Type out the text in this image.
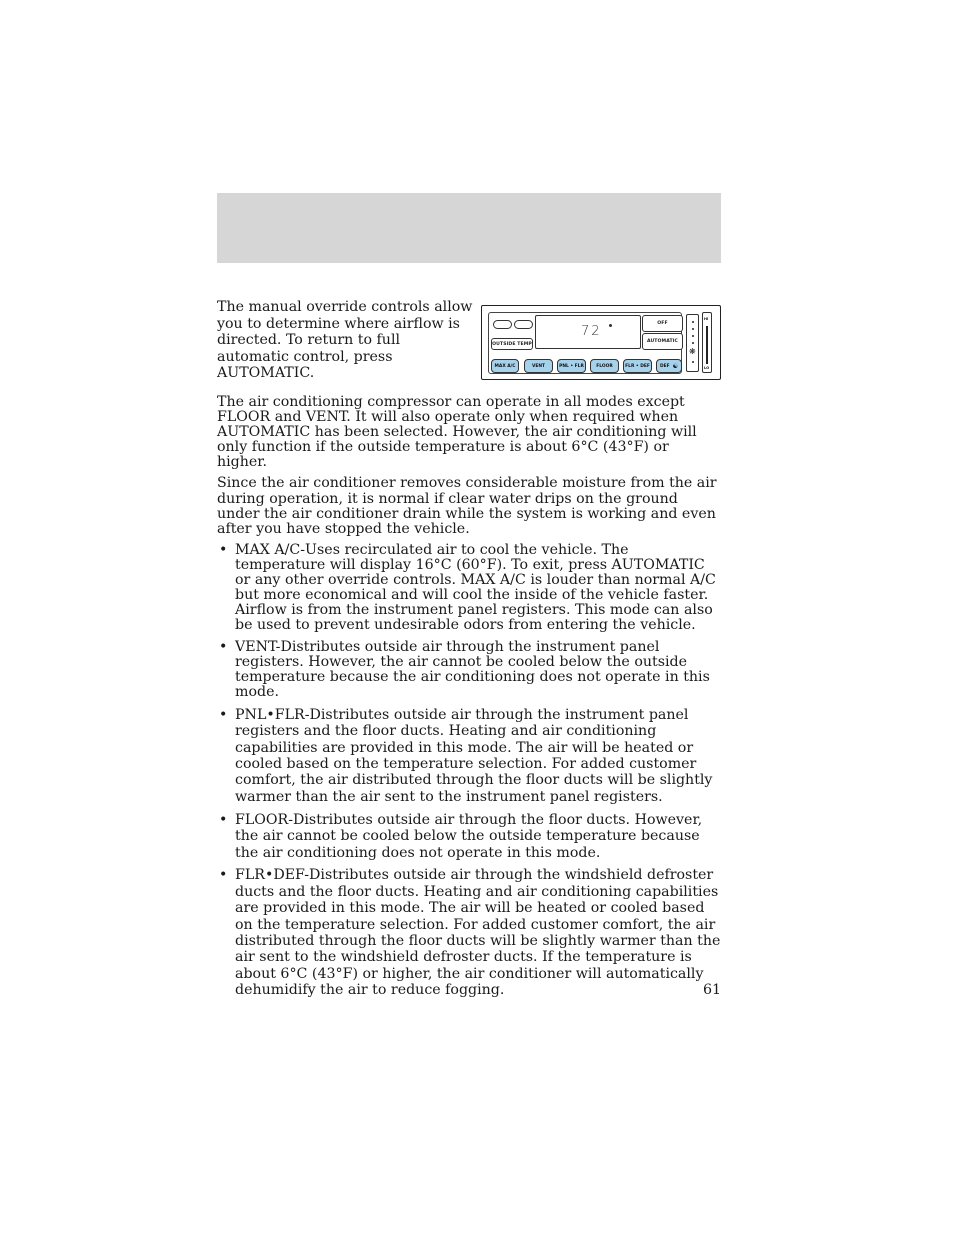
The manual override controls allow you to determine where airflow is directed. To return to full automatic control, press AUTOMATIC.

OUTSIDE TEMP
72
OFF
AUTOMATIC
MAX A/C	VENT	PNL • FLR	FLOOR	FLR • DEF DEF ☯
❋
HI
LO

The air conditioning compressor can operate in all modes except FLOOR and VENT. It will also operate only when required when AUTOMATIC has been selected. However, the air conditioning will only function if the outside temperature is about 6°C (43°F) or higher.

Since the air conditioner removes considerable moisture from the air during operation, it is normal if clear water drips on the ground under the air conditioner drain while the system is working and even after you have stopped the vehicle.

• MAX A/C-Uses recirculated air to cool the vehicle. The temperature will display 16°C (60°F). To exit, press AUTOMATIC or any other override controls. MAX A/C is louder than normal A/C but more economical and will cool the inside of the vehicle faster. Airflow is from the instrument panel registers. This mode can also be used to prevent undesirable odors from entering the vehicle.
• VENT-Distributes outside air through the instrument panel registers. However, the air cannot be cooled below the outside temperature because the air conditioning does not operate in this mode.
• PNL•FLR-Distributes outside air through the instrument panel registers and the floor ducts. Heating and air conditioning capabilities are provided in this mode. The air will be heated or cooled based on the temperature selection. For added customer comfort, the air distributed through the floor ducts will be slightly warmer than the air sent to the instrument panel registers.
• FLOOR-Distributes outside air through the floor ducts. However, the air cannot be cooled below the outside temperature because the air conditioning does not operate in this mode.
• FLR•DEF-Distributes outside air through the windshield defroster ducts and the floor ducts. Heating and air conditioning capabilities are provided in this mode. The air will be heated or cooled based on the temperature selection. For added customer comfort, the air distributed through the floor ducts will be slightly warmer than the air sent to the windshield defroster ducts. If the temperature is about 6°C (43°F) or higher, the air conditioner will automatically dehumidify the air to reduce fogging.	61
